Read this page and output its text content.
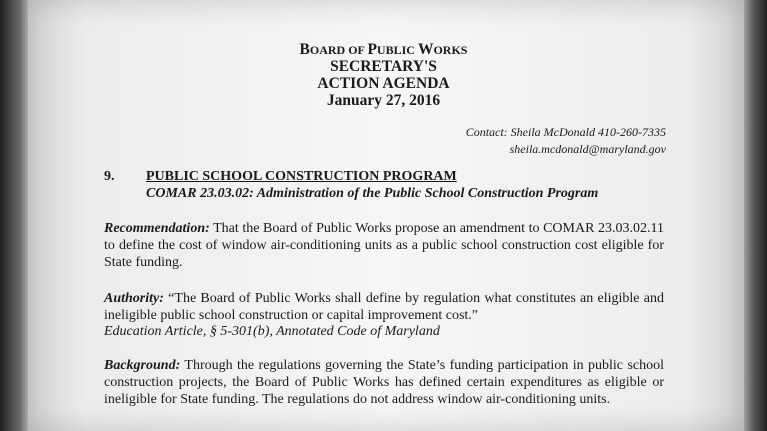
BOARD OF PUBLIC WORKS
SECRETARY'S
ACTION AGENDA
January 27, 2016
Contact: Sheila McDonald 410-260-7335
sheila.mcdonald@maryland.gov
9. PUBLIC SCHOOL CONSTRUCTION PROGRAM
COMAR 23.03.02: Administration of the Public School Construction Program
Recommendation: That the Board of Public Works propose an amendment to COMAR 23.03.02.11 to define the cost of window air-conditioning units as a public school construction cost eligible for State funding.
Authority: “The Board of Public Works shall define by regulation what constitutes an eligible and ineligible public school construction or capital improvement cost.”
Education Article, § 5-301(b), Annotated Code of Maryland
Background: Through the regulations governing the State’s funding participation in public school construction projects, the Board of Public Works has defined certain expenditures as eligible or ineligible for State funding. The regulations do not address window air-conditioning units.
